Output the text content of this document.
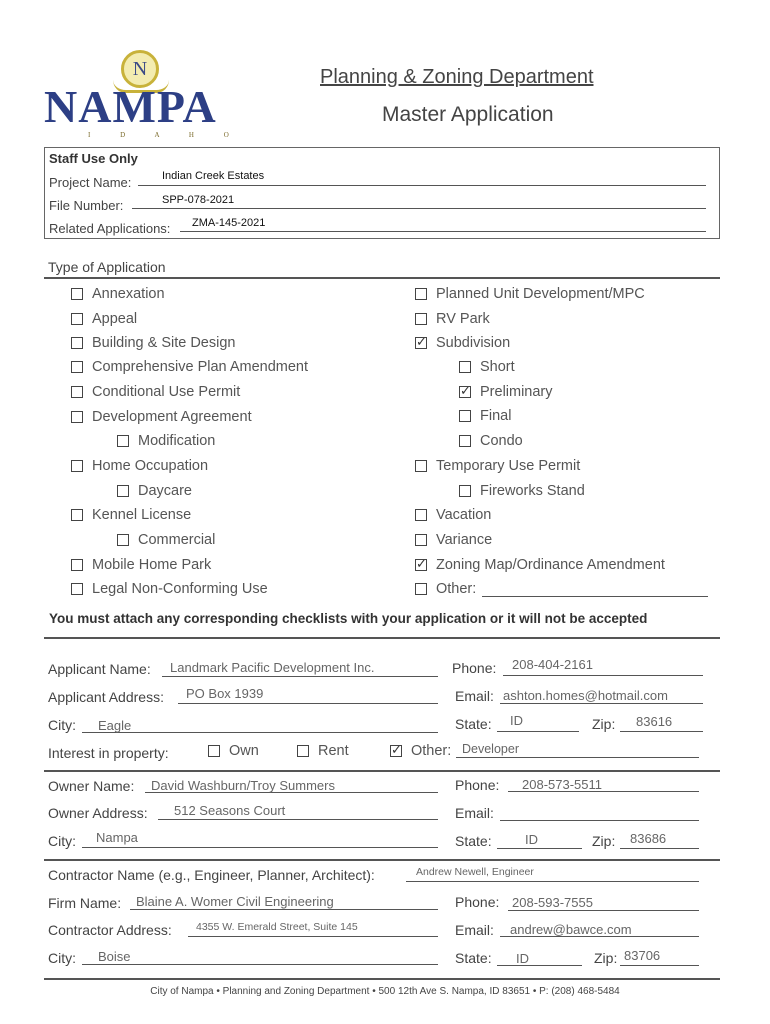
N
NAMPA
I D A H O
Planning & Zoning Department
Master Application
Staff Use Only
Project Name:	Indian Creek Estates
File Number:	SPP-078-2021
Related Applications: ZMA-145-2021
Type of Application
Annexation
Appeal
Building & Site Design
Comprehensive Plan Amendment
Conditional Use Permit
Development Agreement
Modification
Home Occupation
Daycare
Kennel License
Commercial
Mobile Home Park
Legal Non-Conforming Use
Planned Unit Development/MPC
RV Park
✓
Subdivision
Short
✓
Preliminary
Final
Condo
Temporary Use Permit
Fireworks Stand
Vacation
Variance
✓
Zoning Map/Ordinance Amendment
Other:
You must attach any corresponding checklists with your application or it will not be accepted
Applicant Name: Landmark Pacific Development Inc.	Phone: 208-404-2161
Applicant Address: PO Box 1939	Email: ashton.homes@hotmail.com
City: Eagle	State: ID	Zip: 83616
Interest in property:	Own	Rent
✓	Other: Developer
Owner Name: David Washburn/Troy Summers	Phone: 208-573-5511
Owner Address: 512 Seasons Court	Email:
City: Nampa	State:	ID	Zip: 83686
Contractor Name (e.g., Engineer, Planner, Architect):	Andrew Newell, Engineer
Firm Name: Blaine A. Womer Civil Engineering	Phone: 208-593-7555
Contractor Address: 4355 W. Emerald Street, Suite 145	Email: andrew@bawce.com
City: Boise	State: ID	Zip: 83706
City of Nampa • Planning and Zoning Department • 500 12th Ave S. Nampa, ID 83651 • P: (208) 468-5484
